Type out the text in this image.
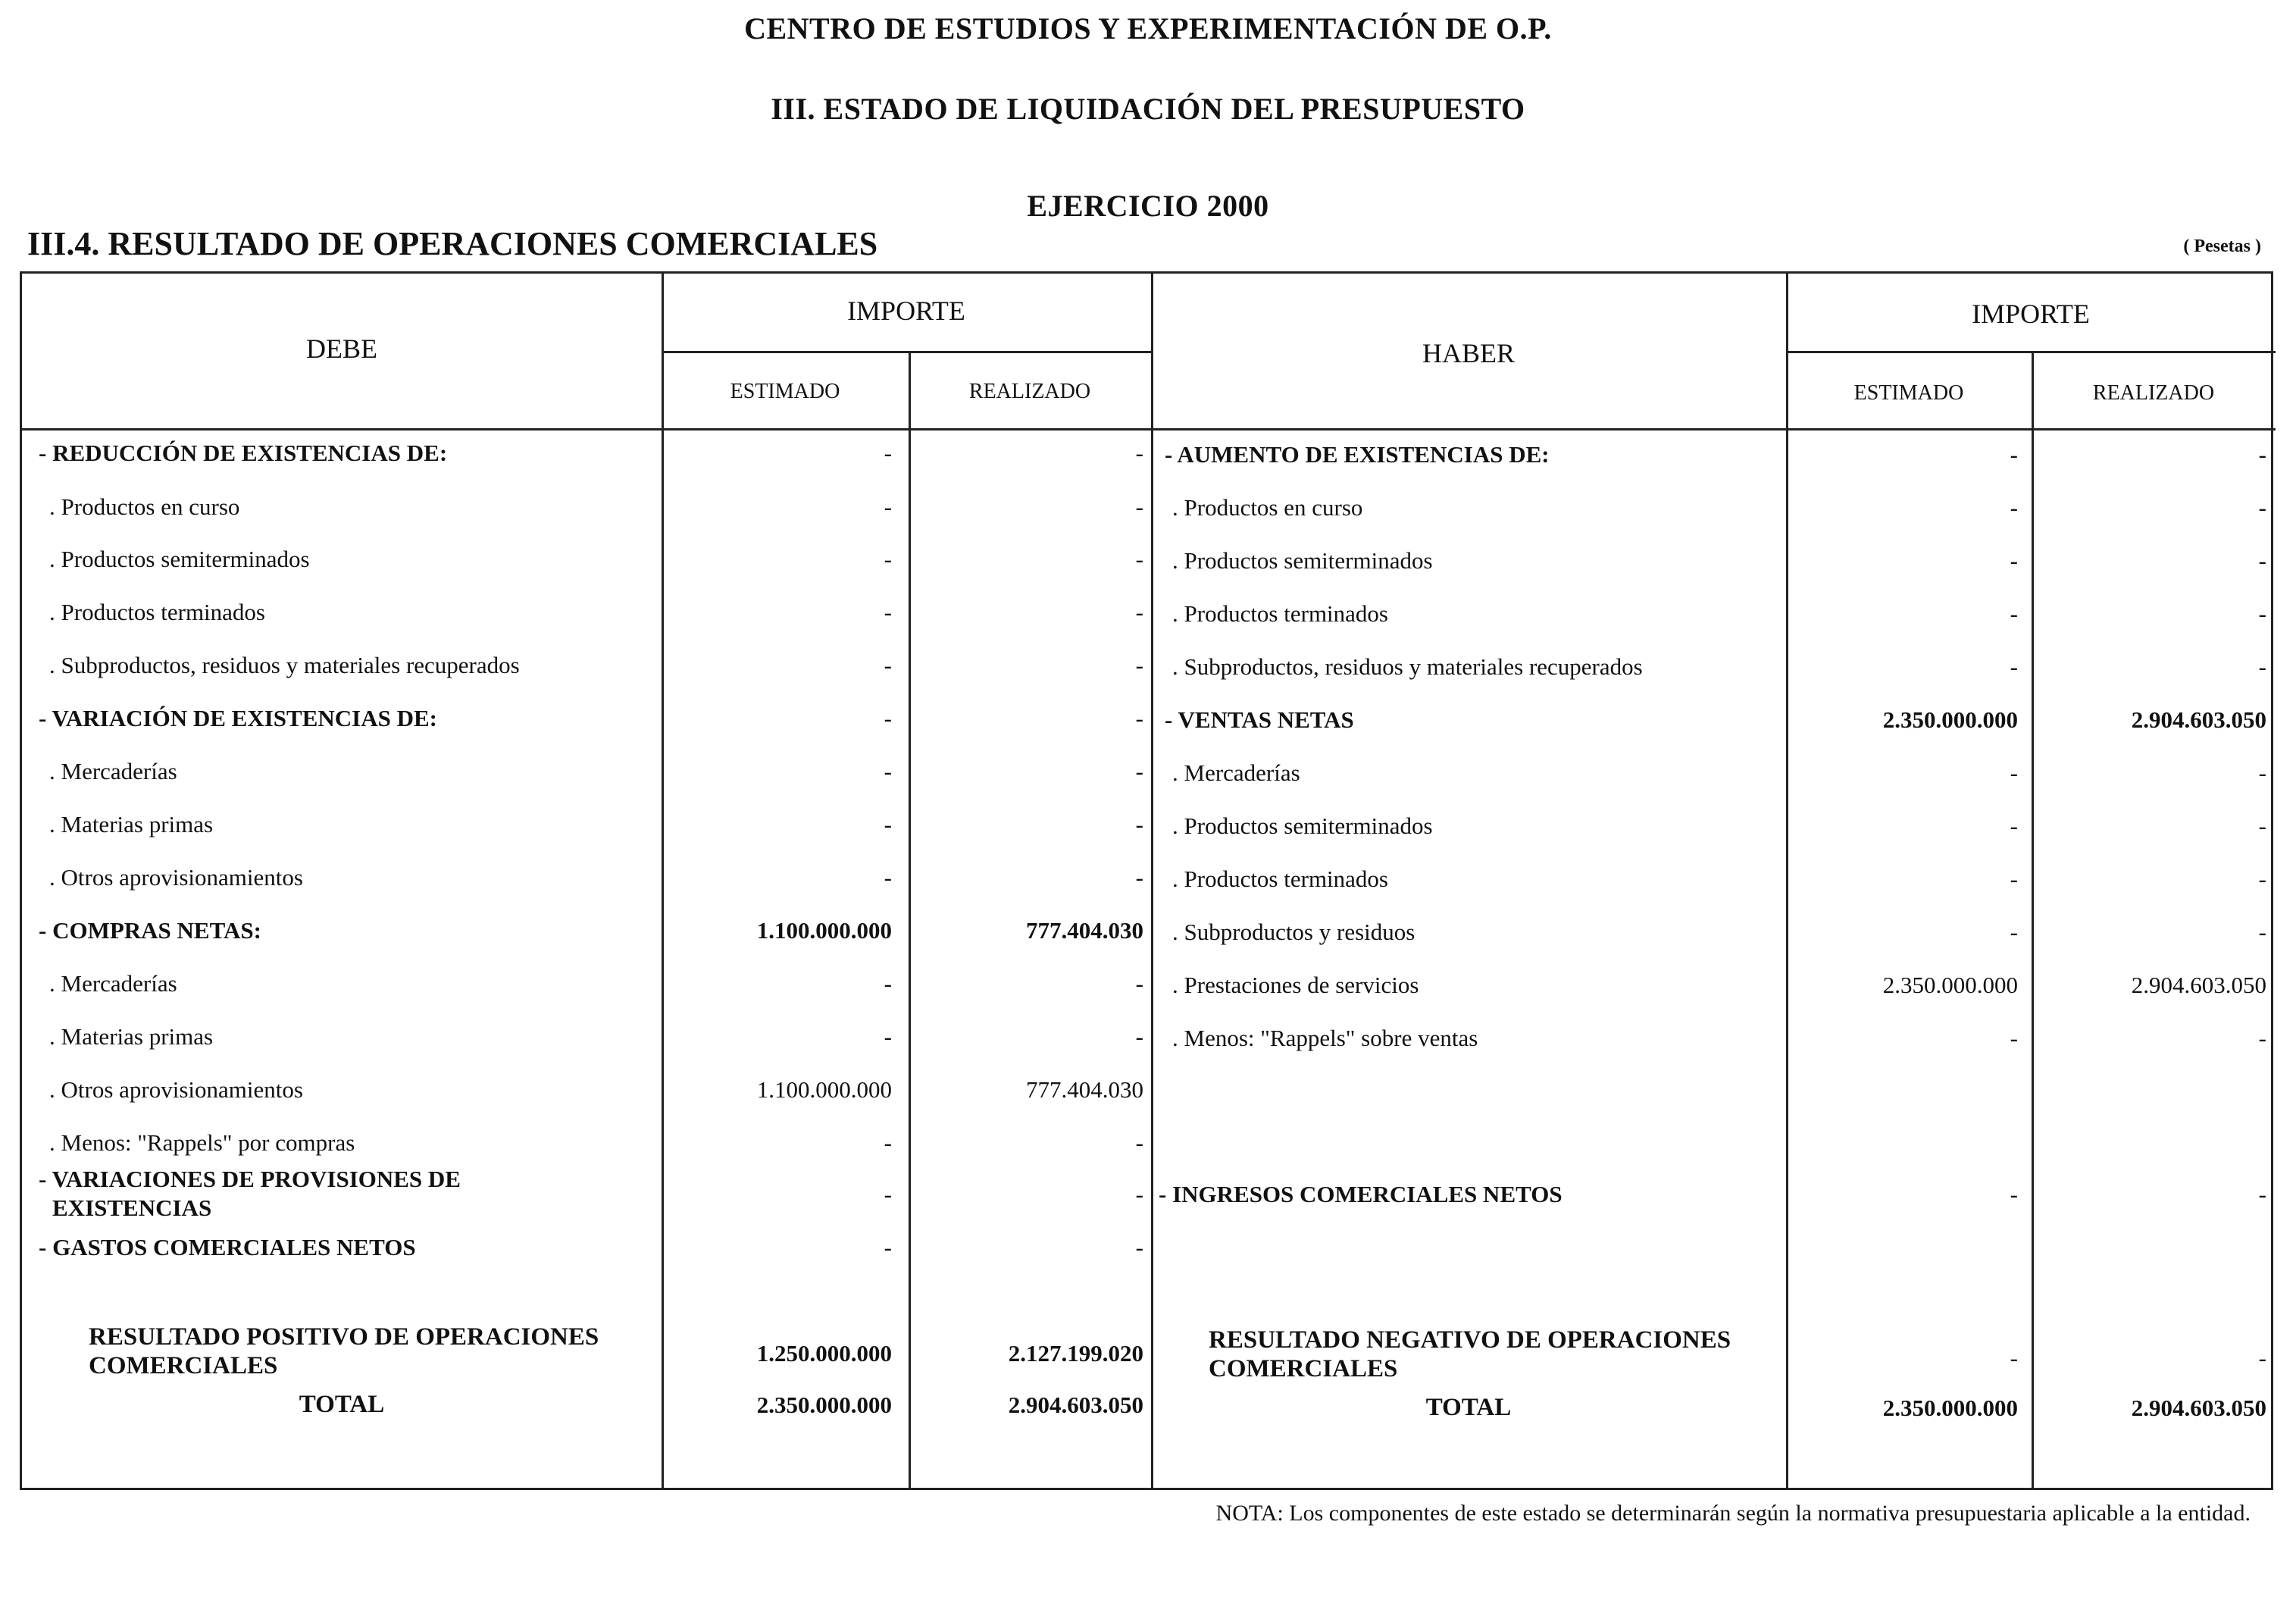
CENTRO DE ESTUDIOS Y EXPERIMENTACIÓN DE O.P.
III. ESTADO DE LIQUIDACIÓN DEL PRESUPUESTO
EJERCICIO 2000
III.4. RESULTADO DE OPERACIONES COMERCIALES	( Pesetas )
DEBE
IMPORTE
ESTIMADO	REALIZADO
HABER
IMPORTE
ESTIMADO	REALIZADO
- REDUCCIÓN DE EXISTENCIAS DE:	-	-
. Productos en curso	-	-
. Productos semiterminados	-	-
. Productos terminados	-	-
. Subproductos, residuos y materiales recuperados	-	-
- VARIACIÓN DE EXISTENCIAS DE:	-	-
. Mercaderías	-	-
. Materias primas	-	-
. Otros aprovisionamientos	-	-
- COMPRAS NETAS:	1.100.000.000	777.404.030
. Mercaderías	-	-
. Materias primas	-	-
. Otros aprovisionamientos	1.100.000.000	777.404.030
. Menos: "Rappels" por compras	-	-
- VARIACIONES DE PROVISIONES DE
EXISTENCIAS
-	-
- GASTOS COMERCIALES NETOS	-	-
RESULTADO POSITIVO DE OPERACIONES
COMERCIALES	1.250.000.000	2.127.199.020
TOTAL	2.350.000.000	2.904.603.050
- AUMENTO DE EXISTENCIAS DE:	-	-
. Productos en curso	-	-
. Productos semiterminados	-	-
. Productos terminados	-	-
. Subproductos, residuos y materiales recuperados	-	-
- VENTAS NETAS	2.350.000.000	2.904.603.050
. Mercaderías	-	-
. Productos semiterminados	-	-
. Productos terminados	-	-
. Subproductos y residuos	-	-
. Prestaciones de servicios	2.350.000.000	2.904.603.050
. Menos: "Rappels" sobre ventas	-	-
- INGRESOS COMERCIALES NETOS	-	-
RESULTADO NEGATIVO DE OPERACIONES
COMERCIALES	-	-
TOTAL	2.350.000.000	2.904.603.050
NOTA: Los componentes de este estado se determinarán según la normativa presupuestaria aplicable a la entidad.
